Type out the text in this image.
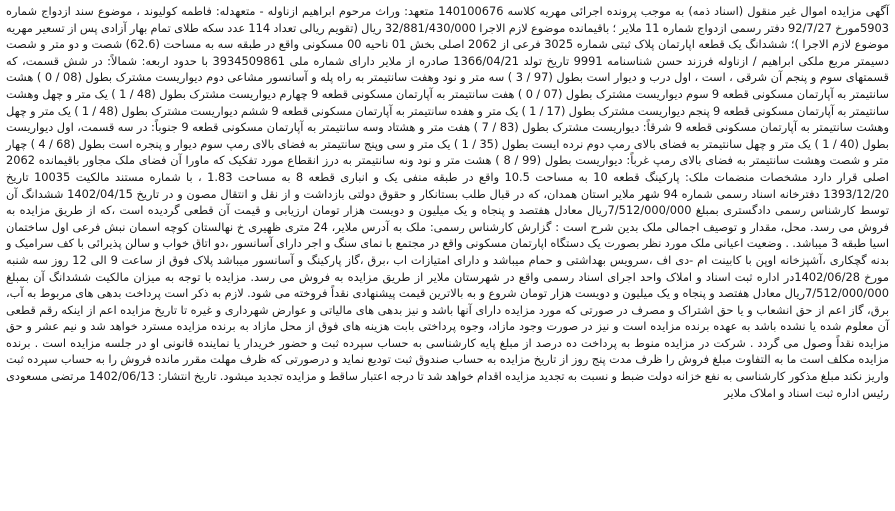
آگهی مزایده اموال غیر منقول (اسناد ذمه) به موجب پرونده اجرائی مهریه کلاسه 140100676 متعهد: وراث مرحوم ابراهیم ازناوله - متعهدله: فاطمه کولیوند ، موضوع سند ازدواج شماره 5903مورخ 92/7/27 دفتر رسمی ازدواج شماره 11 ملایر ؛ باقیمانده موضوع لازم الاجرا 32/881/430/000 ریال (تقویم ریالی تعداد 114 عدد سکه طلای تمام بهار آزادی پس از تسعیر مهریه موضوع لازم الاجرا )؛ ششدانگ یک قطعه اپارتمان پلاک ثبتی شماره 3025 فرعی از 2062 اصلی بخش 01 ناحیه 00 مسکونی واقع در طبقه سه به مساحت (62.6) شصت و دو متر و شصت دسیمتر مربع ملکی ابراهیم / ازناوله فرزند حسن شناسنامه 9991 تاریخ تولد 1366/04/21 صادره از ملایر دارای شماره ملی 3934509861 با حدود اربعه: شمالاً: در شش قسمت، که قسمتهای سوم و پنجم آن شرقی ، است ، اول درب و دیوار است بطول (97 / 3 ) سه متر و نود وهفت سانتیمتر به راه پله و آسانسور مشاعی دوم دیواریست مشترک بطول (08 / 0 ) هشت سانتیمتر به آپارتمان مسکونی قطعه 9 سوم دیواریست مشترک بطول (07 / 0 ) هفت سانتیمتر به آپارتمان مسکونی قطعه 9 چهارم دیواریست مشترک بطول (48 / 1 ) یک متر و چهل وهشت سانتیمتر به آپارتمان مسکونی قطعه 9 پنجم دیواریست مشترک بطول (17 / 1 ) یک متر و هفده سانتیمتر به آپارتمان مسکونی قطعه 9 ششم دیواریست مشترک بطول (48 / 1 ) یک متر و چهل وهشت سانتیمتر به آپارتمان مسکونی قطعه 9 شرقاً: دیواریست مشترک بطول (83 / 7 ) هفت متر و هشتاد وسه سانتیمتر به آپارتمان مسکونی قطعه 9 جنوباً: در سه قسمت، اول دیواریست بطول (40 / 1 ) یک متر و چهل سانتیمتر به فضای بالای رمپ دوم نرده ایست بطول (35 / 1 ) یک متر و سی وپنج سانتیمتر به فضای بالای رمپ سوم دیوار و پنجره است بطول (68 / 4 ) چهار متر و شصت وهشت سانتیمتر به فضای بالای رمپ غرباً: دیواریست بطول (99 / 8 ) هشت متر و نود ونه سانتیمتر به درز انقطاع مورد تفکیک که ماورا آن فضای ملک مجاور باقیمانده 2062 اصلی قرار دارد مشخصات منضمات ملک: پارکینگ قطعه 10 به مساحت 10.5 واقع در طبقه منفی یک و انباری قطعه 8 به مساحت 1.83 ، با شماره مستند مالکیت 10035 تاریخ 1393/12/20 دفترخانه اسناد رسمی شماره 94 شهر ملایر استان همدان، که در قبال طلب بستانکار و حقوق دولتی بازداشت و از نقل و انتقال مصون و در تاریخ 1402/04/15 ششدانگ آن توسط کارشناس رسمی دادگستری بمبلغ 7/512/000/000ریال معادل هفتصد و پنجاه و یک میلیون و دویست هزار تومان ارزیابی و قیمت آن قطعی گردیده است ،که از طریق مزایده به فروش می رسد. محل، مقدار و توصیف اجمالی ملک بدین شرح است : گزارش کارشناس رسمی: ملک به آدرس ملایر، 24 متری ظهیری خ نهالستان کوچه اسمان نبش فرعی اول ساختمان اسیا طبقه 3 میباشد. . وضعیت اعیانی ملک مورد نظر بصورت یک دستگاه اپارتمان مسکونی واقع در مجتمع با نمای سنگ و اجر دارای آسانسور ،دو اتاق خواب و سالن پذیرائی با کف سرامیک و بدنه گچکاری ،آشپزخانه اوپن با کابینت ام -دی اف ،سرویس بهداشتی و حمام میباشد و دارای امتیازات اب ،برق ،گاز پارکینگ و آسانسور میباشد پلاک فوق از ساعت 9 الی 12 روز سه شنبه مورخ 1402/06/28در اداره ثبت اسناد و املاک واحد اجرای اسناد رسمی واقع در شهرستان ملایر از طریق مزایده به فروش می رسد. مزایده با توجه به میزان مالکیت ششدانگ آن بمبلغ 7/512/000/000ریال معادل هفتصد و پنجاه و یک میلیون و دویست هزار تومان شروع و به بالاترین قیمت پیشنهادی نقداً فروخته می شود. لازم به ذکر است پرداخت بدهی های مربوط به آب، برق، گاز اعم از حق انشعاب و یا حق اشتراک و مصرف در صورتی که مورد مزایده دارای آنها باشد و نیز بدهی های مالیاتی و عوارض شهرداری و غیره تا تاریخ مزایده اعم از اینکه رقم قطعی آن معلوم شده یا نشده باشد به عهده برنده مزایده است و نیز در صورت وجود مازاد، وجوه پرداختی بابت هزینه های فوق از محل مازاد به برنده مزایده مسترد خواهد شد و نیم عشر و حق مزایده نقداً وصول می گردد . شرکت در مزایده منوط به پرداخت ده درصد از مبلغ پایه کارشناسی به حساب سپرده ثبت و حضور خریدار یا نماینده قانونی او در جلسه مزایده است . برنده مزایده مکلف است ما به التفاوت مبلغ فروش را ظرف مدت پنج روز از تاریخ مزایده به حساب صندوق ثبت تودیع نماید و درصورتی که ظرف مهلت مقرر مانده فروش را به حساب سپرده ثبت واریز نکند مبلغ مذکور کارشناسی به نفع خزانه دولت ضبط و نسبت به تجدید مزایده اقدام خواهد شد تا درجه اعتبار ساقط و مزایده تجدید میشود. تاریخ انتشار: 1402/06/13 مرتضی مسعودی رئیس اداره ثبت اسناد و املاک ملایر
